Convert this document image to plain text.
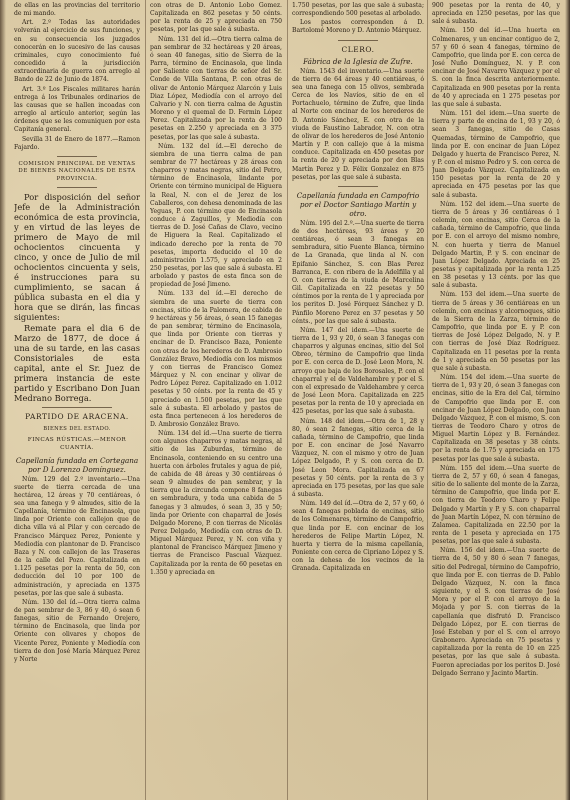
de ellas en las provincias del territorio de mi mando.

Art. 2.º Todas las autoridades volverán al ejercicio de sus funciones, y en su consecuencia los juzgados conocerán en lo sucesivo de las causas criminales, cuyo conocimiento fué concedido á la jurisdicción extraordinaria de guerra con arreglo al Bando de 22 de Junio de 1874.

Art. 3.º Los Fiscales militares harán entrega á los Tribunales ordinarios de las causas que se hallen incoadas con arreglo al artículo anterior, según las órdenes que se les comuniquen por esta Capitanía general.

Sevilla 31 de Enero de 1877.—Ramon Fajardo.

COMISION PRINCIPAL DE VENTAS DE BIENES NACIONALES DE ESTA PROVINCIA.

Por disposición del señor Jefe de la Administración económica de esta provincia, y en virtud de las leyes de primero de Mayo de mil ochocientos cincuenta y cinco, y once de Julio de mil ochocientos cincuenta y seis, é instrucciones para su cumplimiento, se sacan á pública subasta en el dia y hora que se dirán, las fincas siguientes:

Remate para el dia 6 de Marzo de 1877, de doce á una de su tarde, en las casas Consistoriales de esta capital, ante el Sr. Juez de primera instancia de este partido y Escribano Don Juan Medrano Borrega.

PARTIDO DE ARACENA.
BIENES DEL ESTADO.
FINCAS RÚSTICAS.—MENOR CUANTÍA.
Capellanía fundada en Cortegana por D Lorenzo Domínguez.

Núm. 129 del 2.º inventario.—Una suerte de tierra cercada de una hectárea, 12 áreas y 70 centiáreas, ó sea una fanega y 9 almudes, sitio de la Capellanía, término de Encinasola, que linda por Oriente con callejon que de dicha villa vá al Pilar y con cercado de Francisco Márquez Perez, Poniente y Mediodía con plantonar de D. Francisco Baza y N. con callejon de las Traseras de la calle del Pozo. Capitalizada en 1.125 pesetas por la renta de 50, con deducción del 10 por 100 de administración, y apreciada en 1375 pesetas, por las que sale á subasta.

Núm. 130 del íd.—Otra tierra calma de pan sembrar de 3, 86 y 40, ó sean 6 fanegas, sitio de Fernando Orejero, término de Encinasola, que linda por Oriente con olivares y chopos de Vicente Perez, Poniente y Mediodía con tierra de don José María Márquez Perez y Norte

con otras de D. Antonio Lobo Gomez. Capitalizada en 862 pesetas y 50 cénts. por la renta de 25 y apreciada en 750 pesetas, por las que sale á subasta.

Núm. 131 del íd.—Otra tierra calma de pan sembrar de 32 hectáreas y 20 áreas, ó sean 40 fanegas, sitio de Sierra de la Parra, término de Encinasola, que linda por Saliente con tierras de señor del Sr. Conde de Villa Santana, P. con otras de olivar de Antonio Márquez Alarcón y Luis Diaz López, Mediodía con el arroyo del Calvario y N. con tierra calma de Agustin Moreno y el quemal de D. Fermin López Perez. Capitalizada por la renta de 100 pesetas en 2.250 y apreciada en 3 375 pesetas, por las que sale á subasta.

Núm. 132 del íd.—El derecho de siembra de una tierra calma de pan sembrar de 77 hectáreas y 28 áreas con chaparros y matas negras, sitio del Petro, término de Encinasola, lindante por Oriente con término municipal de Higuera la Real, N. con el de Jerez de los Caballeros, con dehesa denominada de las Yeguas, P. con término que de Encinasola conduce á Zaguillos, y Mediodía con tierras de D. José Cañas de Clavo, vecino de Higuera la Real. Capitalizado el indicado derecho por la renta de 70 pesetas, importa deducido el 10 de administración 1.575, y apreciado en 2 250 pesetas, por las que sale á subasta. El arbolado y pastos de esta finca son de propiedad de José Jimeno.

Núm. 133 del íd.—El derecho de siembra de una suerte de tierra con encinas, sitio de la Palomera, de cabida de 9 hectáreas y 56 áreas, ó sean 15 fanegas de pan sembrar, término de Encinasola, que linda por Oriente con tierras y encinar de D. Francisco Baza, Poniente con otras de los herederos de D. Ambrosio González Bravo, Mediodía con los mismos y con tierras de Francisco Gomez Márquez y N. con encinar y olivar de Pedro López Perez. Capitalizado en 1.012 pesetas y 50 cénts. por la renta de 45 y apreciado en 1.500 pesetas, por las que sale á subasta. El arbolado y pastos de esta finca pertenecen á los herederos de D. Ambrosio González Bravo.

Núm. 134 del íd.—Una suerte de tierra con algunos chaparros y matas negras, al sitio de las Zuburdas, término de Encinasola, conteniendo en su centro una huerta con árboles frutales y agua de pié, de cabida de 48 áreas y 30 centiáreas ó sean 9 almudes de pan sembrar, y la tierra que la circunda compone 8 fanegas en sembradura, y toda una cabida de 5 fanegas y 3 almudes, ó sean 3, 35 y 50; linda por Oriente con chaparral de Josés Delgado Moreno, P. con tierras de Nicolás Perez Delgado, Mediodía con otras de D. Miguel Márquez Perez, y N. con viña y plantonal de Francisco Márquez Jimeno y tierras de Francisco Pascual Vázquez. Capitalizada por la renta de 60 pesetas en 1.350 y apreciada en

1.750 pesetas, por las que sale á subasta; correspondiendo 500 pesetas al arbolado.

Los pastos corresponden á D. Bartolomé Moreno y D. Antonio Márquez.

CLERO.
Fábrica de la Iglesia de Zufre.

Núm. 1543 del inventario.—Una suerte de tierra de 64 áreas y 40 centiáreas, ó sea una fanega con 15 olivos, sembrada Cerca de los Navíos, sitio de en el Portachuelo, término de Zufre, que linda al Norte con encinar de los herederos de D. Antonio Sánchez, E. con otra de la viuda de Faustino Labrador, N. con otra de olivar de los herederos de José Antonio Martín y P. con callejo que á la misma conduce. Capitalizada en 450 pesetas por la renta de 20 y apreciada por don Blas Martín Perez y D. Félix Gonzalez en 875 pesetas, por las que sale á subasta.

Capellanía fundada en Campofrio por el Doctor Santiago Martin y otro.

Núm. 195 del 2.º.—Una suerte de tierra de dos hectáreas, 93 áreas y 20 centiáreas, ó sean 3 fanegas en sembradura, sitio Fuente Blanca, término de La Granada, que linda al N. con Epifanio Sánchez, S. con Blas Perez Barranca, E. con ribera de la Adelfilla y al O. con tierras de la viuda de Marcelina Gil. Capitalizada en 22 pesetas y 50 céntimos por la renta de 1 y apreciada por los peritos D. José Fórquez Sánchez y D. Pánfilo Moreno Perez en 37 pesetas y 50 cénts., por las que sale á subasta.

Núm. 147 del idem.—Una suerte de tierra de 1, 93 y 20, ó sean 3 fanegas con chaparros y algunas encinas, sitio del Sol Obreo, término de Campofrio que linda por E. con cerca de D. José Leon Mora, N. arroyo que baja de los Borosales, P. con el chaparral y el de Valdehambre y por el S. con el expresado de Valdehambre y cerca de José Leon Mora. Capitalizada en 225 pesetas por la renta de 10 y apreciada en 425 pesetas, por las que sale á subasta.

Núm. 148 del idem.—Otra de 1, 28 y 80, ó sean 2 fanegas, sitio cerca de la cañada, término de Campofrio, que linda por E. con encinar de José Navarro Vázquez, N. con el mismo y otro de Juan López Delgado, P. y S. con cerca de D. José Leon Mora. Capitalizada en 67 pesetas y 50 cénts. por la renta de 3 y apreciada en 175 pesetas, por las que sale á subasta.

Núm. 149 del íd.—Otra de 2, 57 y 60, ó sean 4 fanegas poblada de encinas, sitio de los Colmenares, término de Campofrio, que linda por E. con encinar de los herederos de Felipe Martin López, N. huerta y tierra de la misma capellanía, Poniente con cerca de Cipriano López y S. con la dehesa de los vecinos de la Granada. Capitalizada en

900 pesetas por la renta de 40, y apreciada en 1250 pesetas, por las que sale á subasta.

Núm. 150 del íd.—Una huerta en Colmenares, y un encinar contiguo de 2, 57 y 60 ó sean 4 fanegas, término de Campofrio, que linda por E. con cerca de José Nuño Domínguez, N. y P. con encinar de José Navarro Vázquez y por el S. con la finca descrita anteriormente. Capitalizada en 900 pesetas por la renta de 40 y apreciada en 1 275 pesetas por las que sale á subasta.

Núm. 151 del idem.—Una suerte de tierra y parte de encina de 1, 93 y 20, ó sean 3 fanegas, sitio de Casas Quemadas, término de Campofrio, que linda por E. con encinar de Juan López Delgado y huerta de Francisco Perez, N. y P. con el mismo Pedro y S. con cerca de Juan Delgado Vázquez. Capitalizada en 150 pesetas por la renta de 20 y apreciada en 475 pesetas por las que sale á subasta.

Núm. 152 del idem.—Una suerte de tierra de 5 áreas y 36 centiáreas ó 1 celemín, con encinas, sitio Cerca de la cañada, término de Campofrio, que linda por E. con el arroyo del mismo nombre, N. con huerta y tierra de Manuel Delgado Martin, P. y S. con encinar de Juan López Delgado. Apreciada en 25 pesetas y capitalizada por la renta 1.25 en 38 pesetas y 13 cénts. por las que sale á subasta.

Núm. 153 del idem.—Una suerte de tierra de 5 áreas y 36 centiáreas en un celemín, con encinas y alcornoques, sitio de la Sierra de la Zarza, término de Campofrio, que linda por E. y P. con tierras de José López Delgado, N. y P. con tierras de José Díaz Rodríguez. Capitalizada en 11 pesetas por la renta de 1 y apreciada en 50 pesetas por las que sale á subasta.

Núm. 154 del idem.—Una suerte de tierra de 1, 93 y 20, ó sean 3 fanegas con encinas, sitio de la Era del Cal, término de Campofrio que linda por E. con encinar de Juan López Delgado, con Juan Delgado Vázquez, P. con el mismo, S. con tierras de Teodoro Charo y otros de Miguel Martin López y B. Fernández. Capitalizada en 38 pesetas y 38 cénts. por la renta de 1.75 y apreciada en 175 pesetas por las que sale á subasta.

Núm. 155 del idem.—Una suerte de tierra de 2, 57 y 60, ó sean 4 fanegas, sitio de lo saliente del monte de la Zarza, término de Campofrio, que linda por E. con tierra de Teodoro Charo y Felipe Delgado y Martín y P. y S. con chaparral de Juan Martín López, N. con término de Zalamea. Capitalizada en 22.50 por la renta de 1 peseta y apreciada en 175 pesetas, por las que sale á subasta.

Núm. 156 del idem.—Una suerte de tierra de 4, 50 y 80 ó sean 7 fanegas, sitio del Pedregal, término de Campofrio, que linda por E. con tierras de D. Pablo Delgado Vázquez, N. con la finca siguiente, y el S. con tierras de José Mora y por el P. con el arroyo de la Mojada y por S. con tierras de la capellanía que disfrutó D. Francisco Delgado López, por E. con tierras de José Esteban y por el S. con el arroyo Grabonero. Apreciada en 75 pesetas y capitalizada por la renta de 10 en 225 pesetas, por las que sale á subasta. Fueron apreciadas por los peritos D. José Delgado Serrano y Jacinto Martin.
